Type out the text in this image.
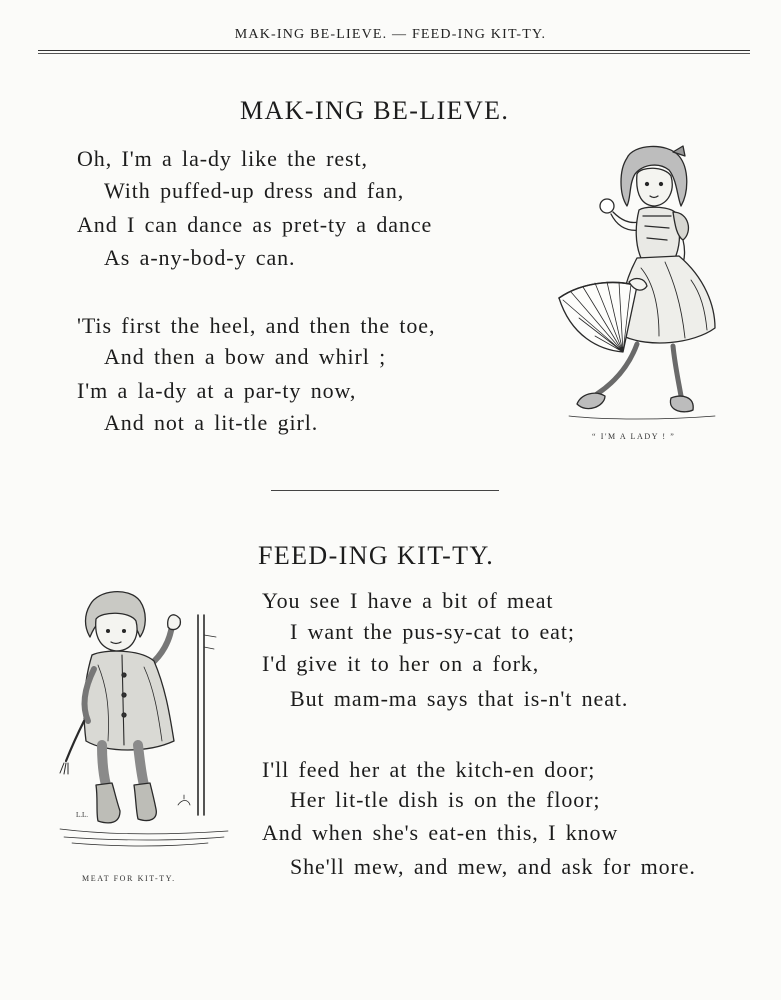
MAK-ING BE-LIEVE. — FEED-ING KIT-TY.
MAK-ING BE-LIEVE.
Oh, I'm a la-dy like the rest,
With puffed-up dress and fan,
And I can dance as pret-ty a dance
As a-ny-bod-y can.
'Tis first the heel, and then the toe,
And then a bow and whirl ;
I'm a la-dy at a par-ty now,
And not a lit-tle girl.
“ I'M A LADY ! ”
FEED-ING KIT-TY.
You see I have a bit of meat
I want the pus-sy-cat to eat;
I'd give it to her on a fork,
But mam-ma says that is-n't neat.
I'll feed her at the kitch-en door;
Her lit-tle dish is on the floor;
And when she's eat-en this, I know
She'll mew, and mew, and ask for more.
L.L.
MEAT FOR KIT-TY.
